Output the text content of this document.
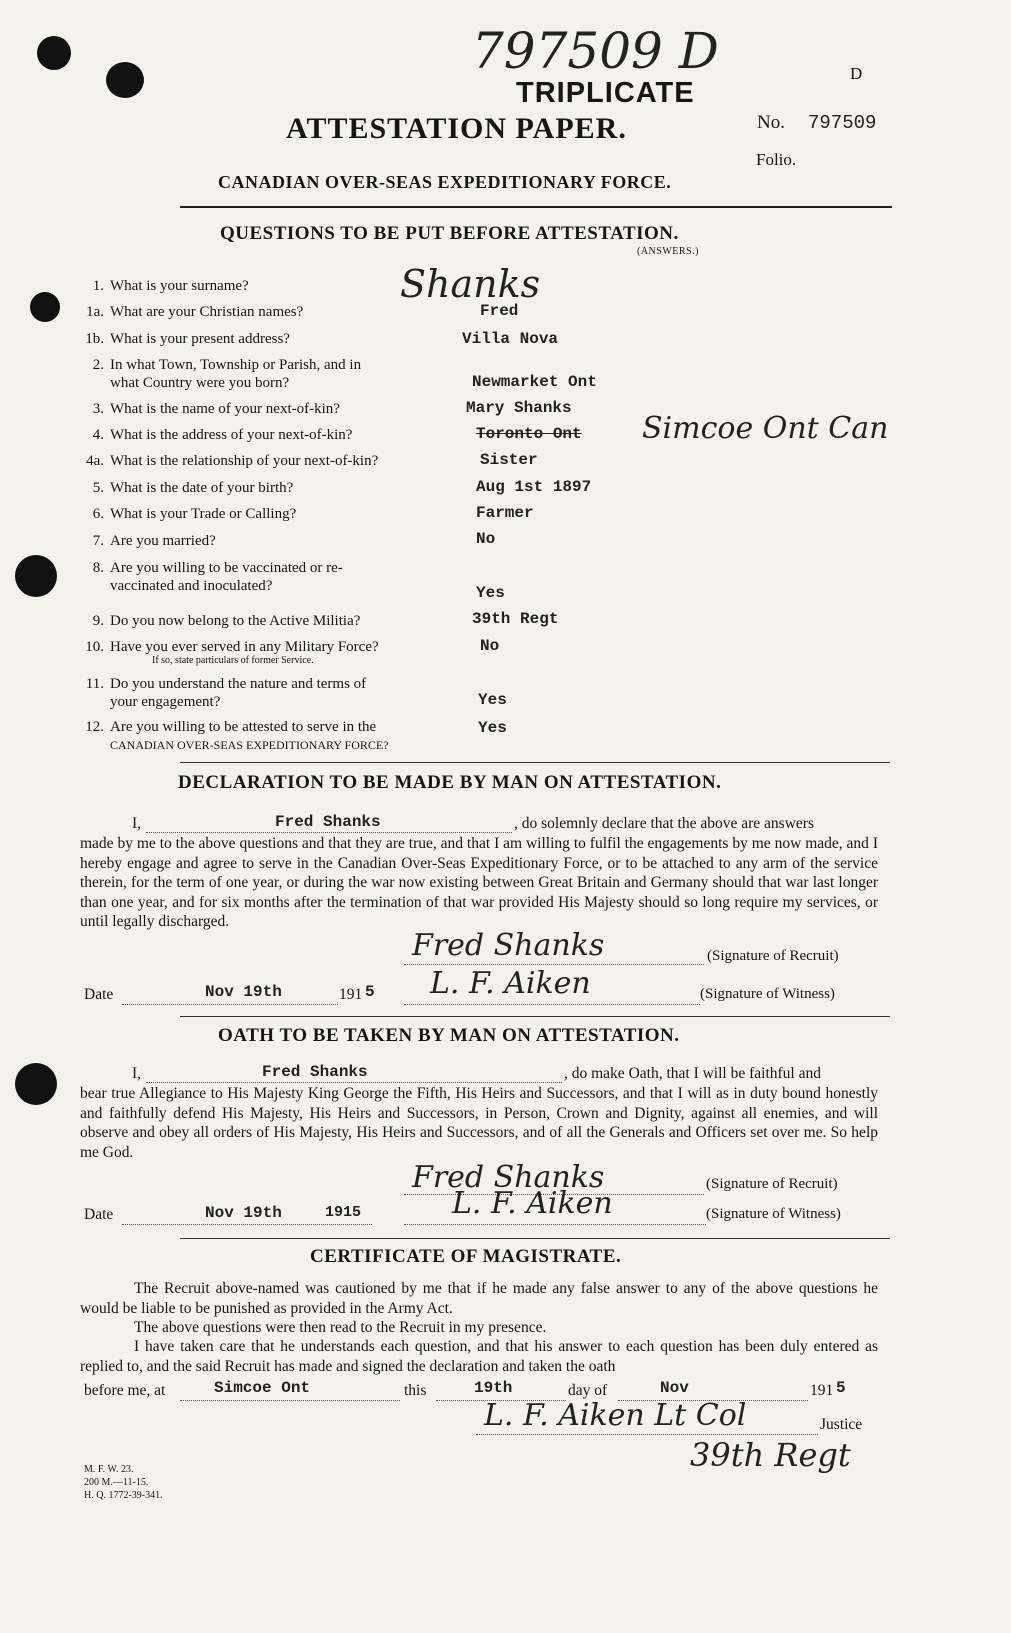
797509 D
TRIPLICATE
D
ATTESTATION PAPER.	No. 797509
Folio.
CANADIAN OVER-SEAS EXPEDITIONARY FORCE.
QUESTIONS TO BE PUT BEFORE ATTESTATION.
(ANSWERS.)
1. What is your surname?	Shanks
1a. What are your Christian names?	Fred
1b. What is your present address?	Villa Nova
2. In what Town, Township or Parish, and in
what Country were you born?	Newmarket Ont
3. What is the name of your next-of-kin?	Mary Shanks
4. What is the address of your next-of-kin?	Toronto Ont Simcoe Ont Can
4a. What is the relationship of your next-of-kin?	Sister
5. What is the date of your birth?	Aug 1st 1897
6. What is your Trade or Calling?	Farmer
7. Are you married?	No
8. Are you willing to be vaccinated or re-
vaccinated and inoculated?	Yes
9. Do you now belong to the Active Militia?	39th Regt
10. Have you ever served in any Military Force?
If so, state particulars of former Service.
No
11. Do you understand the nature and terms of
your engagement?	Yes
12. Are you willing to be attested to serve in the
CANADIAN OVER-SEAS EXPEDITIONARY FORCE?
Yes
DECLARATION TO BE MADE BY MAN ON ATTESTATION.
I,	Fred Shanks	, do solemnly declare that the above are answers
made by me to the above questions and that they are true, and that I am willing to fulfil the engagements by me now made, and I hereby engage and agree to serve in the Canadian Over-Seas Expeditionary Force, or to be attached to any arm of the service therein, for the term of one year, or during the war now existing between Great Britain and Germany should that war last longer than one year, and for six months after the termination of that war provided His Majesty should so long require my services, or until legally discharged.
Fred Shanks	(Signature of Recruit)
Date	Nov 19th	191 5 L. F. Aiken	(Signature of Witness)
OATH TO BE TAKEN BY MAN ON ATTESTATION.
I,	Fred Shanks	, do make Oath, that I will be faithful and
bear true Allegiance to His Majesty King George the Fifth, His Heirs and Successors, and that I will as in duty bound honestly and faithfully defend His Majesty, His Heirs and Successors, in Person, Crown and Dignity, against all enemies, and will observe and obey all orders of His Majesty, His Heirs and Successors, and of all the Generals and Officers set over me. So help me God.
Fred Shanks	(Signature of Recruit)
Date	Nov 19th	1915	L. F. Aiken	(Signature of Witness)
CERTIFICATE OF MAGISTRATE.
The Recruit above-named was cautioned by me that if he made any false answer to any of the above questions he would be liable to be punished as provided in the Army Act.
The above questions were then read to the Recruit in my presence.
I have taken care that he understands each question, and that his answer to each question has been duly entered as replied to, and the said Recruit has made and signed the declaration and taken the oath
before me, at	Simcoe Ont	this	19th	day of	Nov	191 5
L. F. Aiken Lt Col	Justice
39th Regt
M. F. W. 23.
200 M.—11-15.
H. Q. 1772-39-341.
